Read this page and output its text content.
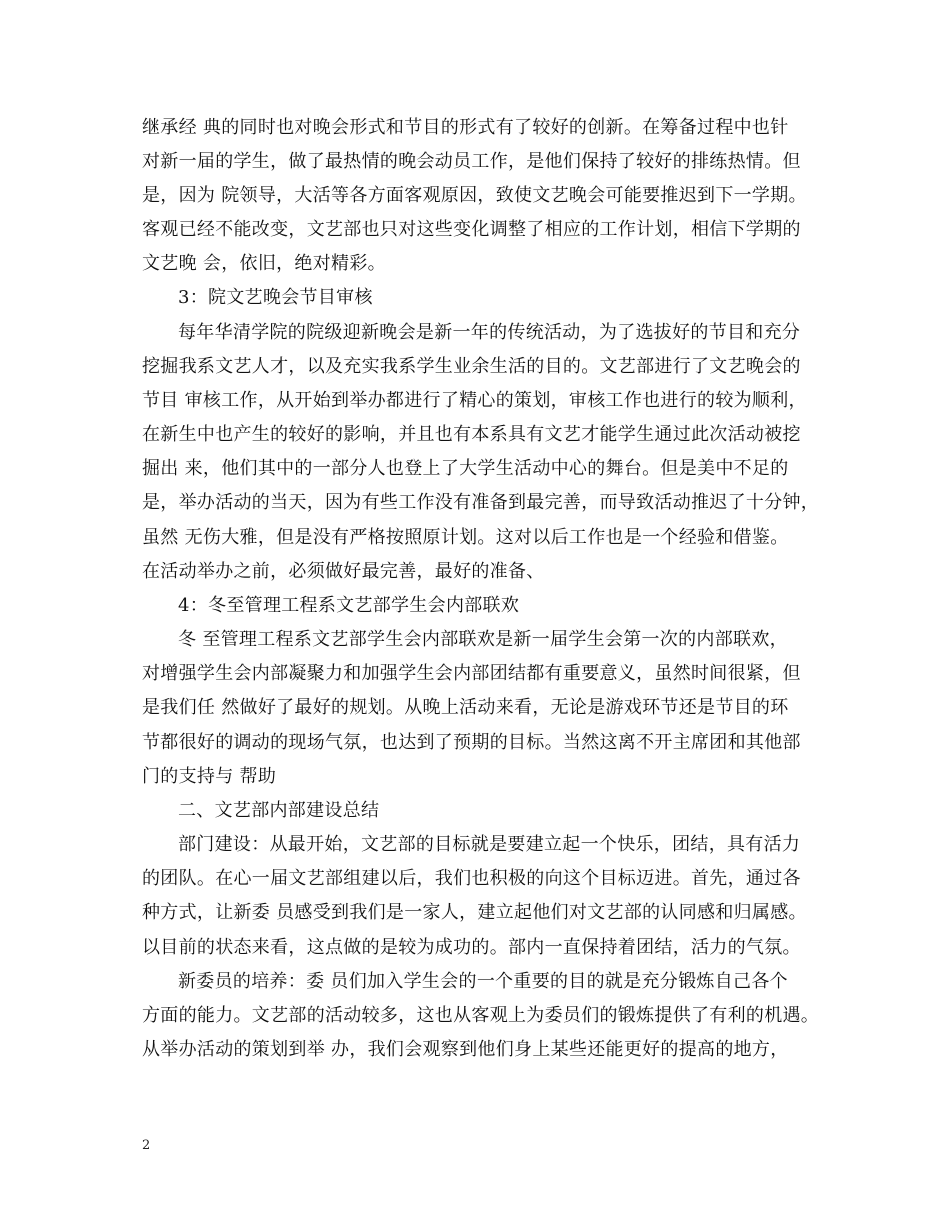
继承经 典的同时也对晚会形式和节目的形式有了较好的创新。在筹备过程中也针
对新一届的学生，做了最热情的晚会动员工作，是他们保持了较好的排练热情。但
是，因为 院领导，大活等各方面客观原因，致使文艺晚会可能要推迟到下一学期。
客观已经不能改变，文艺部也只对这些变化调整了相应的工作计划，相信下学期的
文艺晚 会，依旧，绝对精彩。
3：院文艺晚会节目审核
每年华清学院的院级迎新晚会是新一年的传统活动，为了选拔好的节目和充分
挖掘我系文艺人才，以及充实我系学生业余生活的目的。文艺部进行了文艺晚会的
节目 审核工作，从开始到举办都进行了精心的策划，审核工作也进行的较为顺利，
在新生中也产生的较好的影响，并且也有本系具有文艺才能学生通过此次活动被挖
掘出 来，他们其中的一部分人也登上了大学生活动中心的舞台。但是美中不足的
是，举办活动的当天，因为有些工作没有准备到最完善，而导致活动推迟了十分钟，
虽然 无伤大雅，但是没有严格按照原计划。这对以后工作也是一个经验和借鉴。
在活动举办之前，必须做好最完善，最好的准备、
4：冬至管理工程系文艺部学生会内部联欢
冬 至管理工程系文艺部学生会内部联欢是新一届学生会第一次的内部联欢，
对增强学生会内部凝聚力和加强学生会内部团结都有重要意义，虽然时间很紧，但
是我们任 然做好了最好的规划。从晚上活动来看，无论是游戏环节还是节目的环
节都很好的调动的现场气氛，也达到了预期的目标。当然这离不开主席团和其他部
门的支持与 帮助
二、文艺部内部建设总结
部门建设：从最开始，文艺部的目标就是要建立起一个快乐，团结，具有活力
的团队。在心一届文艺部组建以后，我们也积极的向这个目标迈进。首先，通过各
种方式，让新委 员感受到我们是一家人，建立起他们对文艺部的认同感和归属感。
以目前的状态来看，这点做的是较为成功的。部内一直保持着团结，活力的气氛。
新委员的培养：委 员们加入学生会的一个重要的目的就是充分锻炼自己各个
方面的能力。文艺部的活动较多，这也从客观上为委员们的锻炼提供了有利的机遇。
从举办活动的策划到举 办，我们会观察到他们身上某些还能更好的提高的地方，
2
